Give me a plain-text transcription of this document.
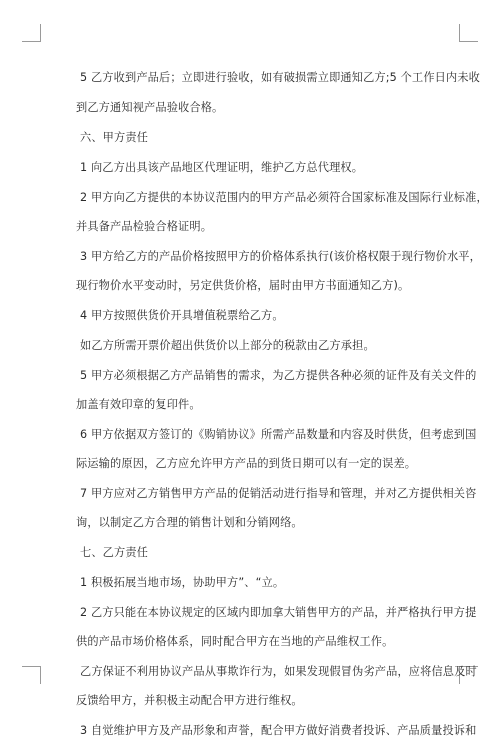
5 乙方收到产品后；立即进行验收，如有破损需立即通知乙方;5 个工作日内未收
到乙方通知视产品验收合格。
六、甲方责任
1 向乙方出具该产品地区代理证明，维护乙方总代理权。
2 甲方向乙方提供的本协议范围内的甲方产品必须符合国家标准及国际行业标准，
并具备产品检验合格证明。
3 甲方给乙方的产品价格按照甲方的价格体系执行(该价格权限于现行物价水平，
现行物价水平变动时，另定供货价格，届时由甲方书面通知乙方)。
4 甲方按照供货价开具增值税票给乙方。
如乙方所需开票价超出供货价以上部分的税款由乙方承担。
5 甲方必须根据乙方产品销售的需求，为乙方提供各种必须的证件及有关文件的
加盖有效印章的复印件。
6 甲方依据双方签订的《购销协议》所需产品数量和内容及时供货，但考虑到国
际运输的原因，乙方应允许甲方产品的到货日期可以有一定的误差。
7 甲方应对乙方销售甲方产品的促销活动进行指导和管理，并对乙方提供相关咨
询，以制定乙方合理的销售计划和分销网络。
七、乙方责任
1 积极拓展当地市场，协助甲方”、“立。
2 乙方只能在本协议规定的区域内即加拿大销售甲方的产品，并严格执行甲方提
供的产品市场价格体系，同时配合甲方在当地的产品维权工作。
乙方保证不利用协议产品从事欺诈行为，如果发现假冒伪劣产品，应将信息及时
反馈给甲方，并积极主动配合甲方进行维权。
3 自觉维护甲方及产品形象和声誉，配合甲方做好消费者投诉、产品质量投诉和
